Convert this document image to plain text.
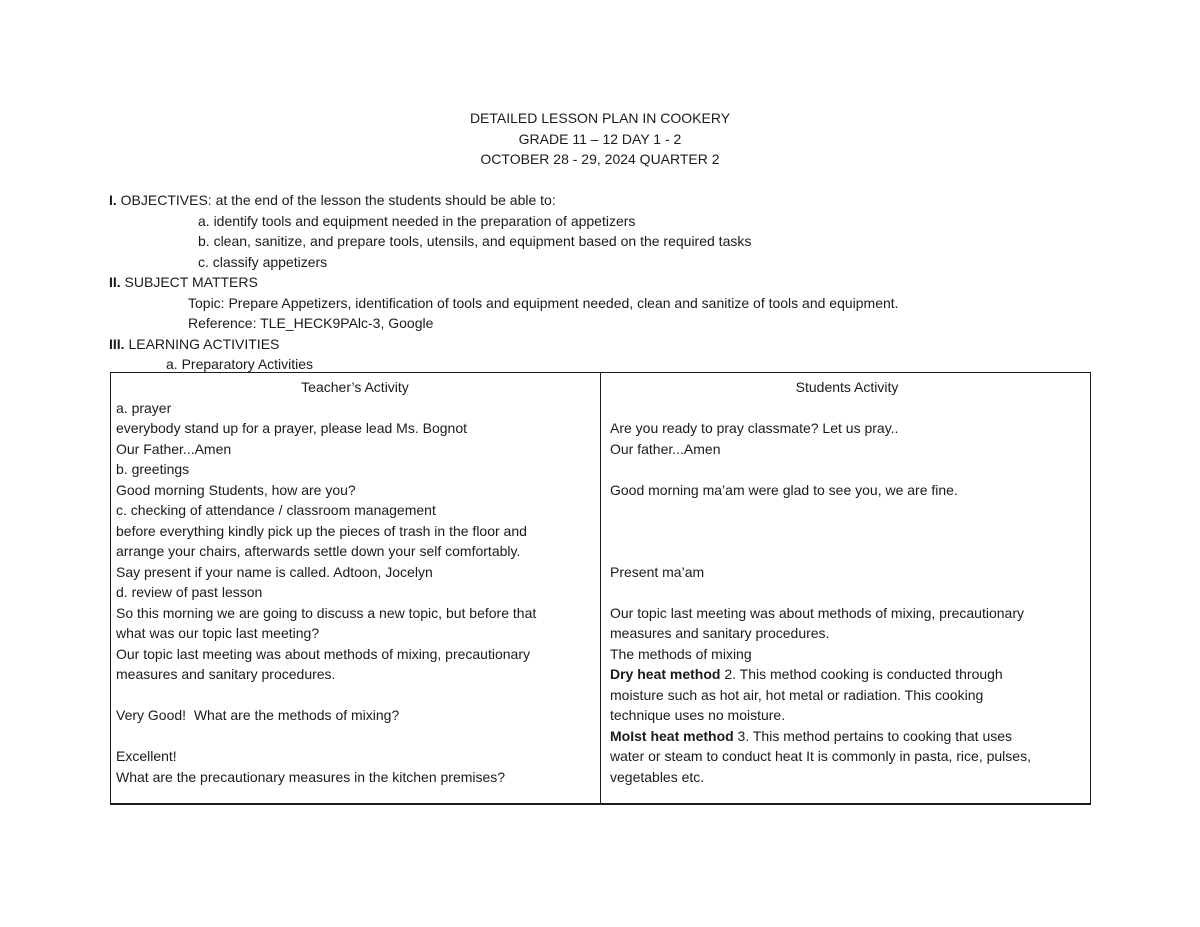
DETAILED LESSON PLAN IN COOKERY
GRADE 11 – 12 DAY 1 - 2
OCTOBER 28 - 29, 2024 QUARTER 2
I. OBJECTIVES: at the end of the lesson the students should be able to:
a. identify tools and equipment needed in the preparation of appetizers
b. clean, sanitize, and prepare tools, utensils, and equipment based on the required tasks
c. classify appetizers
II. SUBJECT MATTERS
Topic: Prepare Appetizers, identification of tools and equipment needed, clean and sanitize of tools and equipment.
Reference: TLE_HECK9PAlc-3, Google
III. LEARNING ACTIVITIES
a. Preparatory Activities
Teacher’s Activity
a. prayer
everybody stand up for a prayer, please lead Ms. Bognot
Our Father...Amen
b. greetings
Good morning Students, how are you?
c. checking of attendance / classroom management
before everything kindly pick up the pieces of trash in the floor and
arrange your chairs, afterwards settle down your self comfortably.
Say present if your name is called. Adtoon, Jocelyn
d. review of past lesson
So this morning we are going to discuss a new topic, but before that
what was our topic last meeting?
Our topic last meeting was about methods of mixing, precautionary
measures and sanitary procedures.
Very Good!  What are the methods of mixing?
Excellent!
What are the precautionary measures in the kitchen premises?
Students Activity
Are you ready to pray classmate? Let us pray..
Our father...Amen
Good morning ma’am were glad to see you, we are fine.
Present ma’am
Our topic last meeting was about methods of mixing, precautionary
measures and sanitary procedures.
The methods of mixing
Dry heat method 2. This method cooking is conducted through
moisture such as hot air, hot metal or radiation. This cooking
technique uses no moisture.
MoIst heat method 3. This method pertains to cooking that uses
water or steam to conduct heat It is commonly in pasta, rice, pulses,
vegetables etc.
